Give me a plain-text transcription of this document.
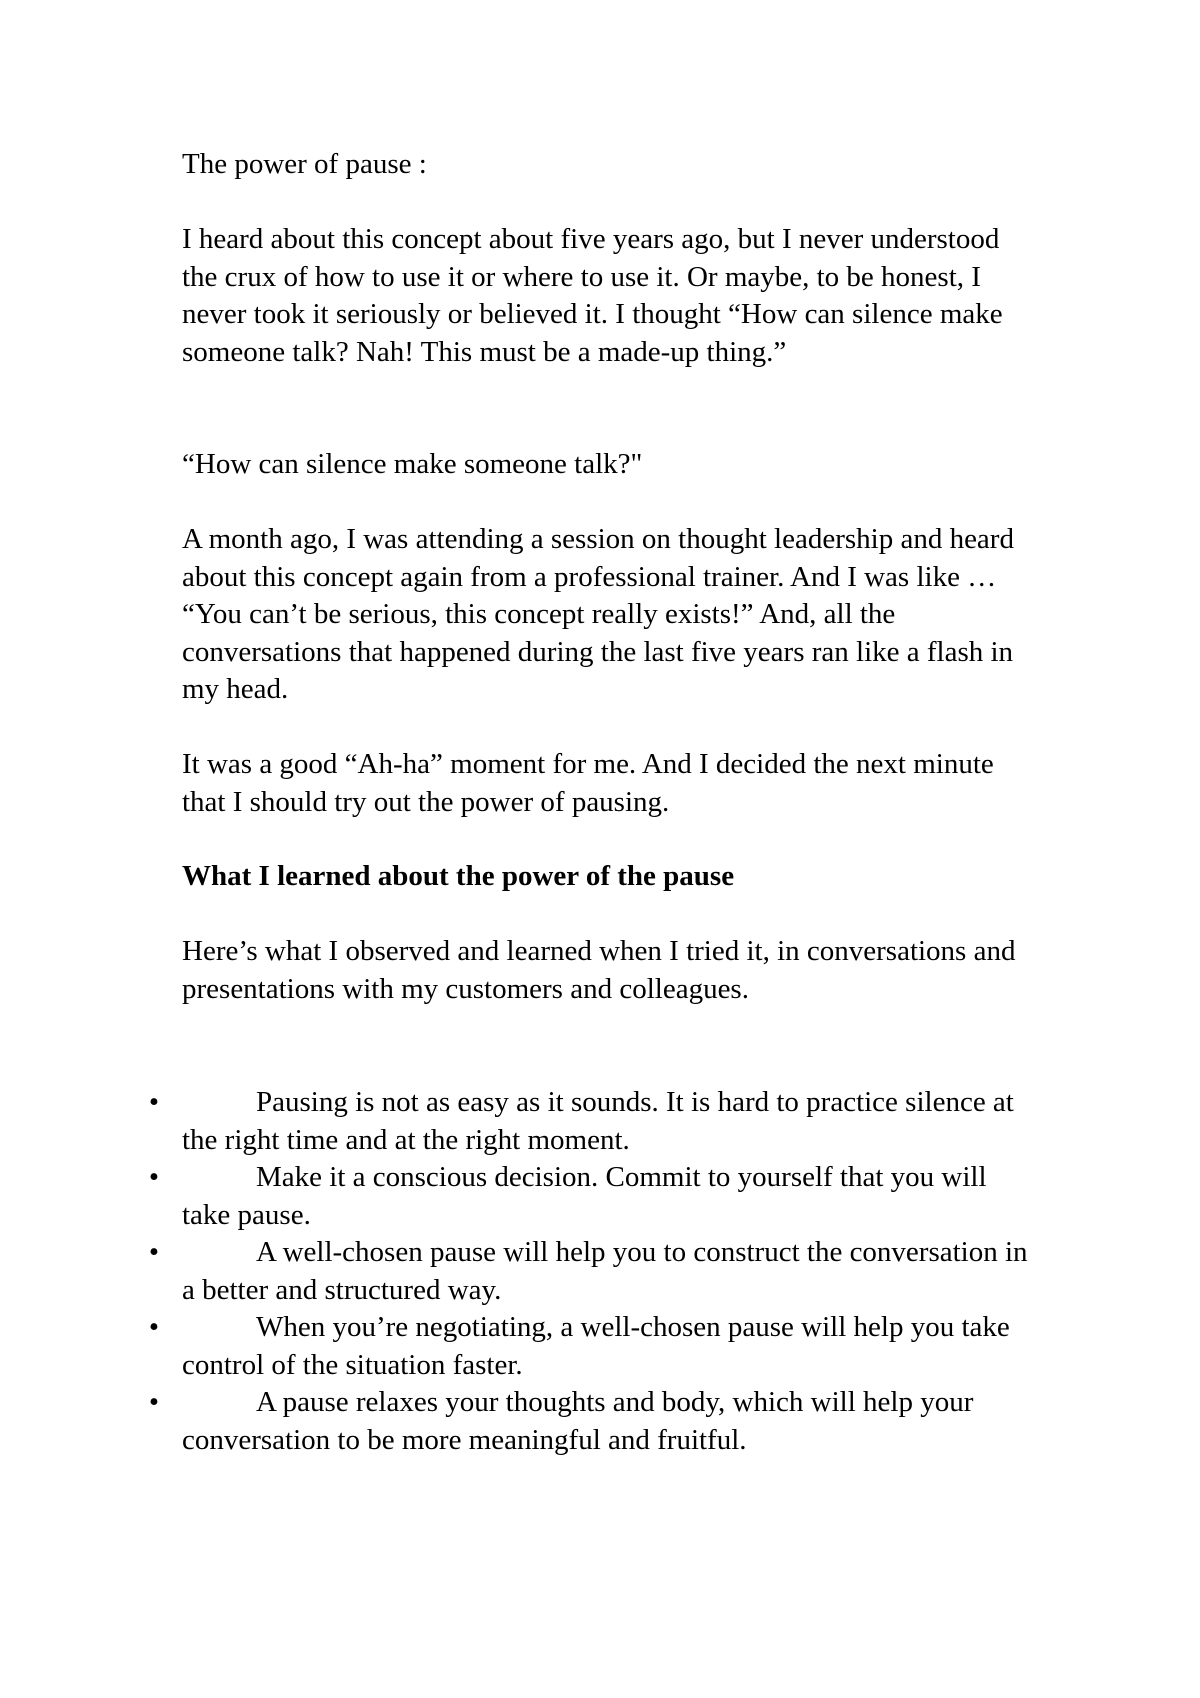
The power of pause :

I heard about this concept about five years ago, but I never understood the crux of how to use it or where to use it. Or maybe, to be honest, I never took it seriously or believed it. I thought “How can silence make someone talk? Nah! This must be a made-up thing.”

“How can silence make someone talk?"

A month ago, I was attending a session on thought leadership and heard about this concept again from a professional trainer. And I was like … “You can’t be serious, this concept really exists!” And, all the conversations that happened during the last five years ran like a flash in my head.

It was a good “Ah-ha” moment for me. And I decided the next minute that I should try out the power of pausing.

What I learned about the power of the pause

Here’s what I observed and learned when I tried it, in conversations and presentations with my customers and colleagues.

•	Pausing is not as easy as it sounds. It is hard to practice silence at the right time and at the right moment.
•	Make it a conscious decision. Commit to yourself that you will take pause.
•	A well-chosen pause will help you to construct the conversation in a better and structured way.
•	When you’re negotiating, a well-chosen pause will help you take control of the situation faster.
•	A pause relaxes your thoughts and body, which will help your conversation to be more meaningful and fruitful.
